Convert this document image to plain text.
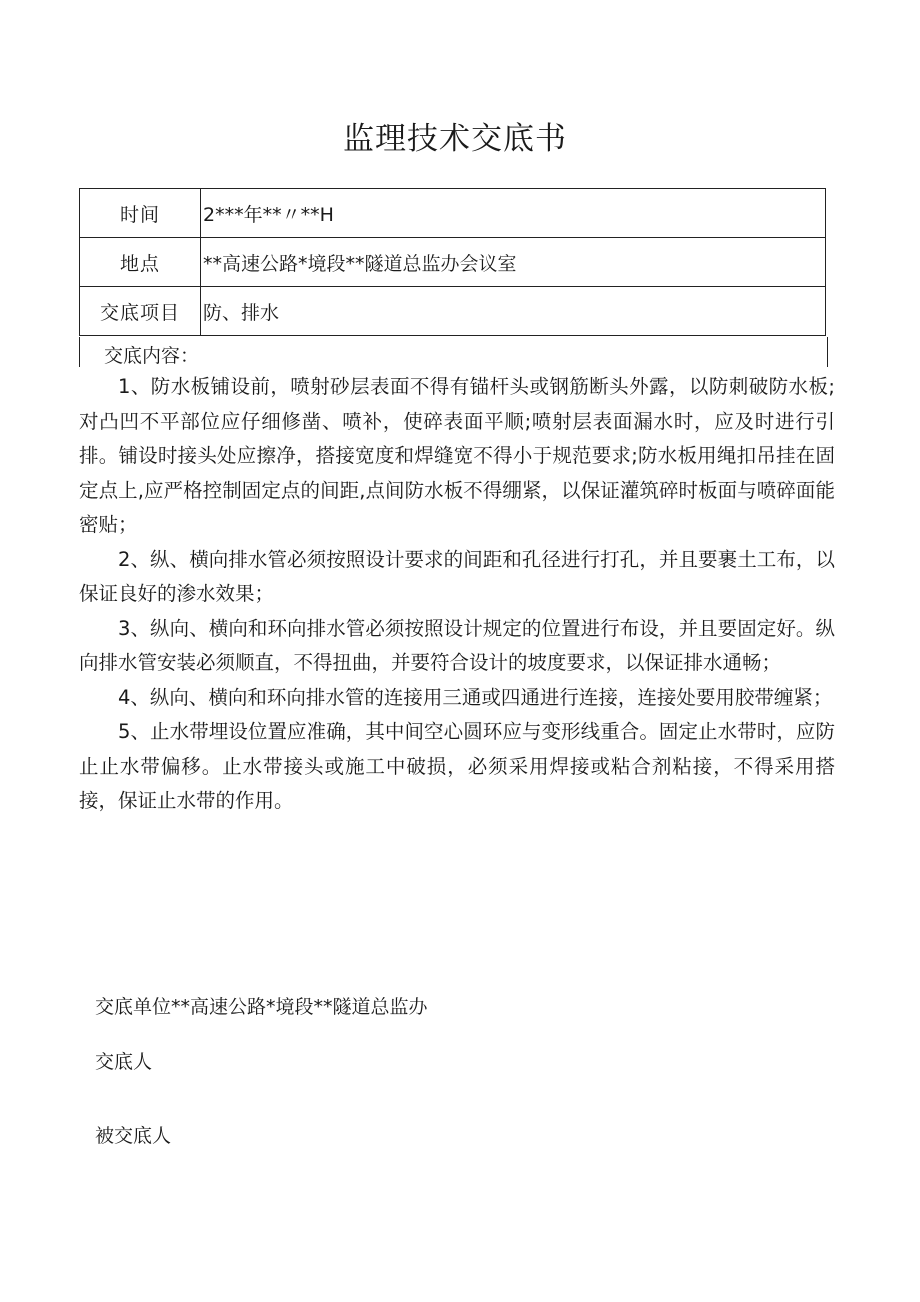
监理技术交底书
时间	2***年**〃**H
地点	**高速公路*境段**隧道总监办会议室
交底项目	防、排水
交底内容：

1、防水板铺设前，喷射砂层表面不得有锚杆头或钢筋断头外露，以防刺破防水板;对凸凹不平部位应仔细修凿、喷补，使碎表面平顺;喷射层表面漏水时，应及时进行引排。铺设时接头处应擦净，搭接宽度和焊缝宽不得小于规范要求;防水板用绳扣吊挂在固定点上,应严格控制固定点的间距,点间防水板不得绷紧，以保证灌筑碎时板面与喷碎面能密贴；

2、纵、横向排水管必须按照设计要求的间距和孔径进行打孔，并且要裹土工布，以保证良好的渗水效果；

3、纵向、横向和环向排水管必须按照设计规定的位置进行布设，并且要固定好。纵向排水管安装必须顺直，不得扭曲，并要符合设计的坡度要求，以保证排水通畅；

4、纵向、横向和环向排水管的连接用三通或四通进行连接，连接处要用胶带缠紧；

5、止水带埋设位置应准确，其中间空心圆环应与变形线重合。固定止水带时，应防止止水带偏移。止水带接头或施工中破损，必须采用焊接或粘合剂粘接，不得采用搭接，保证止水带的作用。

交底单位**高速公路*境段**隧道总监办
交底人
被交底人
